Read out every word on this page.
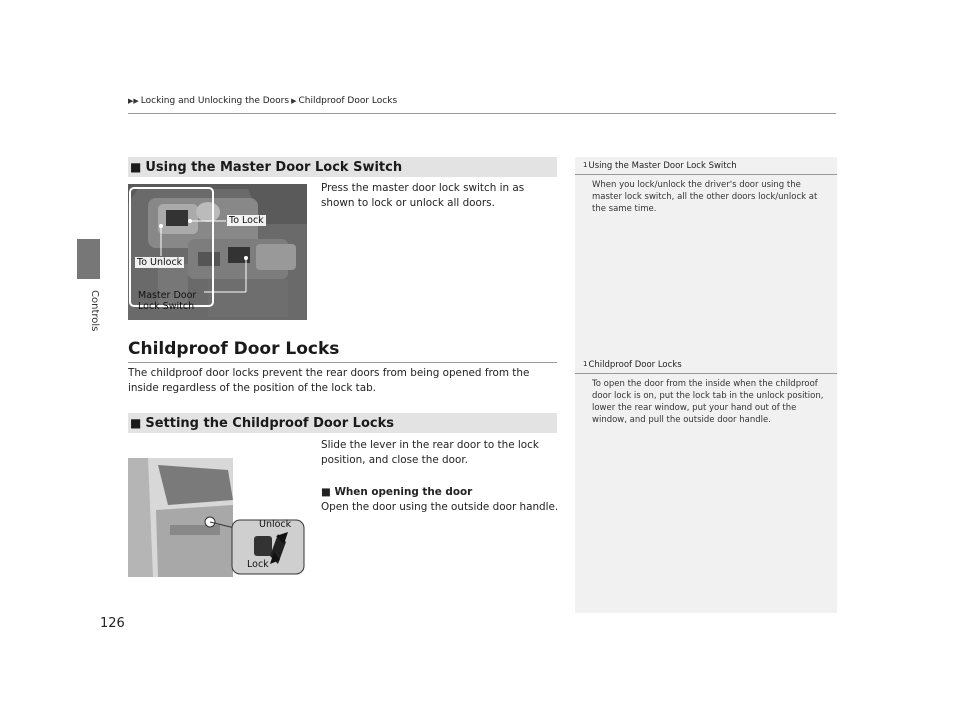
Controls
▶▶ Locking and Unlocking the Doors ▶ Childproof Door Locks
■ Using the Master Door Lock Switch
To Lock
To Unlock
Master Door
Lock Switch
Press the master door lock switch in as shown to lock or unlock all doors.
Childproof Door Locks
The childproof door locks prevent the rear doors from being opened from the inside regardless of the position of the lock tab.
■ Setting the Childproof Door Locks
Unlock
Lock
Slide the lever in the rear door to the lock position, and close the door.
■ When opening the door
Open the door using the outside door handle.
1Using the Master Door Lock Switch
When you lock/unlock the driver's door using the master lock switch, all the other doors lock/unlock at the same time.
1Childproof Door Locks
To open the door from the inside when the childproof door lock is on, put the lock tab in the unlock position, lower the rear window, put your hand out of the window, and pull the outside door handle.
126
